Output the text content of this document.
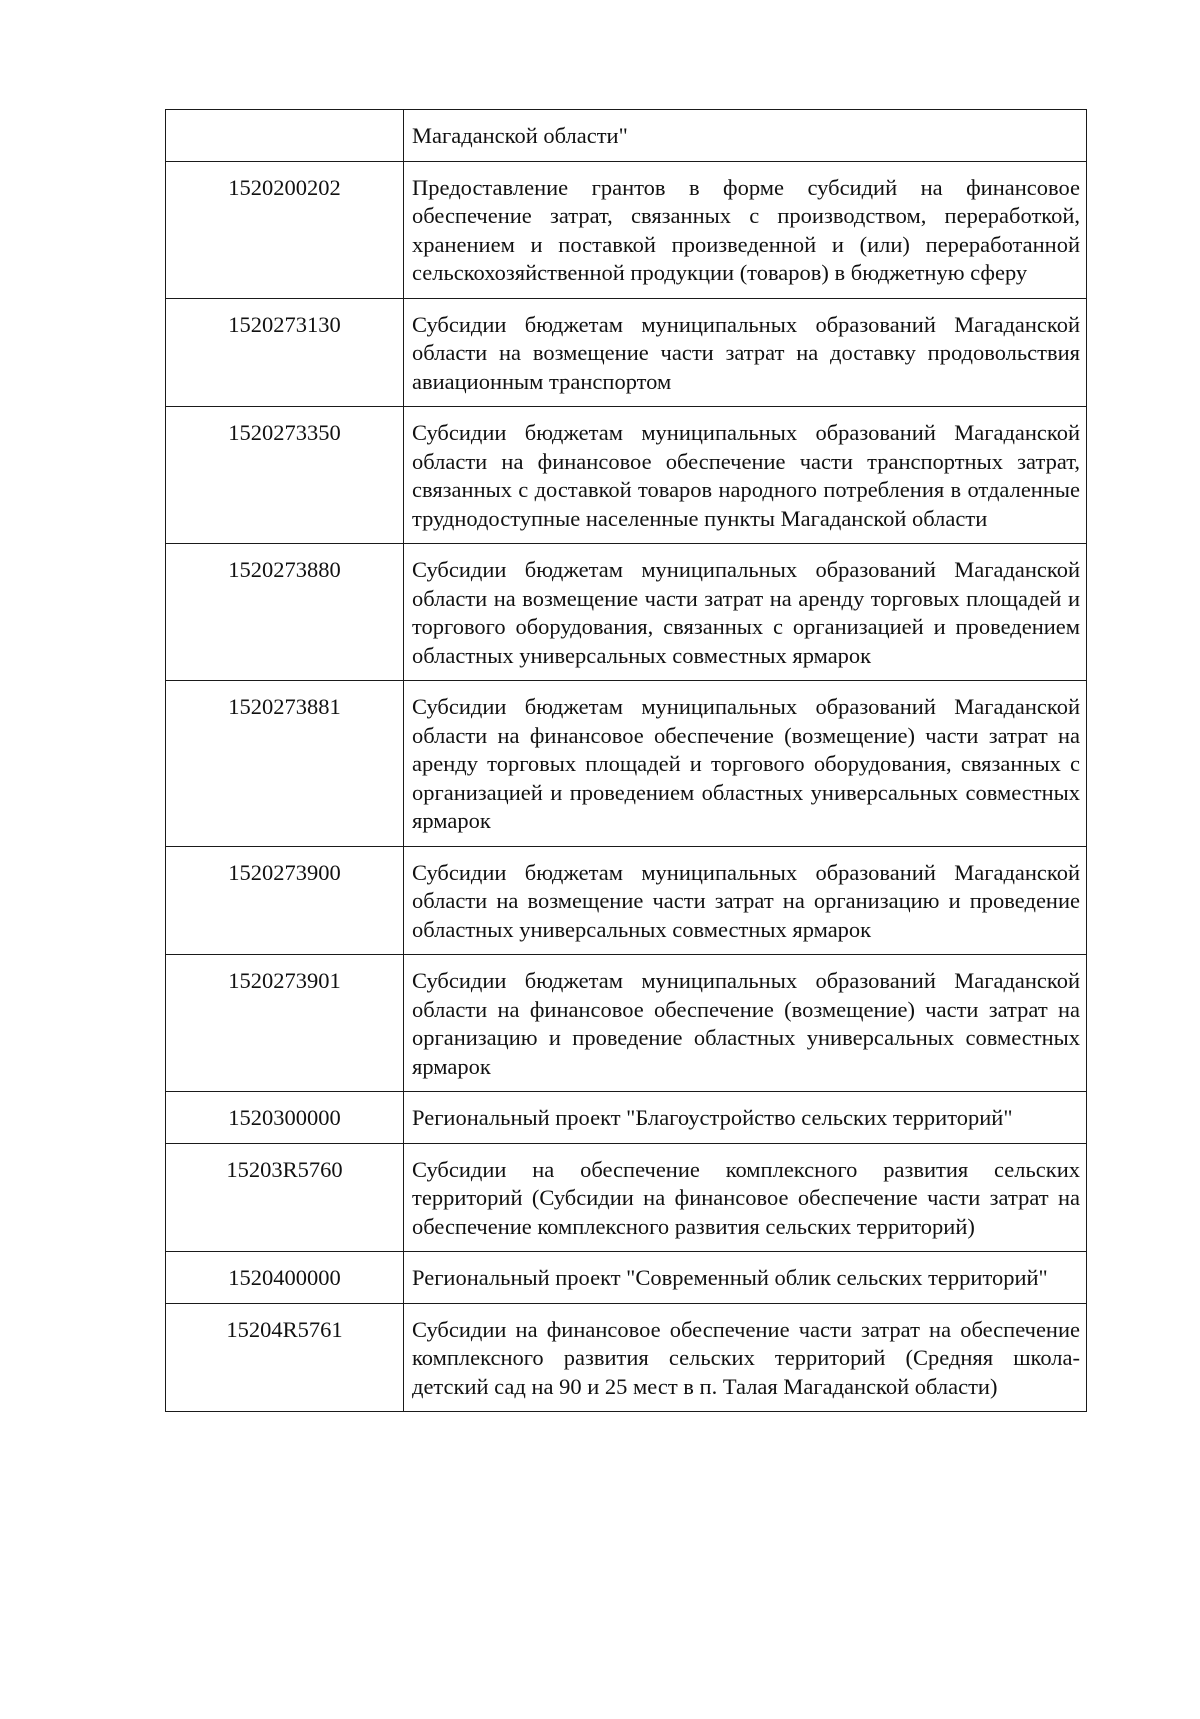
	Магаданской области"

1520200202	Предоставление грантов в форме субсидий на финансовое обеспечение затрат, связанных с производством, переработкой, хранением и поставкой произведенной и (или) переработанной сельскохозяйственной продукции (товаров) в бюджетную сферу

1520273130	Субсидии бюджетам муниципальных образований Магаданской области на возмещение части затрат на доставку продовольствия авиационным транспортом

1520273350	Субсидии бюджетам муниципальных образований Магаданской области на финансовое обеспечение части транспортных затрат, связанных с доставкой товаров народного потребления в отдаленные труднодоступные населенные пункты Магаданской области

1520273880	Субсидии бюджетам муниципальных образований Магаданской области на возмещение части затрат на аренду торговых площадей и торгового оборудования, связанных с организацией и проведением областных универсальных совместных ярмарок

1520273881	Субсидии бюджетам муниципальных образований Магаданской области на финансовое обеспечение (возмещение) части затрат на аренду торговых площадей и торгового оборудования, связанных с организацией и проведением областных универсальных совместных ярмарок

1520273900	Субсидии бюджетам муниципальных образований Магаданской области на возмещение части затрат на организацию и проведение областных универсальных совместных ярмарок

1520273901	Субсидии бюджетам муниципальных образований Магаданской области на финансовое обеспечение (возмещение) части затрат на организацию и проведение областных универсальных совместных ярмарок

1520300000	Региональный проект "Благоустройство сельских территорий"

15203R5760	Субсидии на обеспечение комплексного развития сельских территорий (Субсидии на финансовое обеспечение части затрат на обеспечение комплексного развития сельских территорий)

1520400000	Региональный проект "Современный облик сельских территорий"

15204R5761	Субсидии на финансовое обеспечение части затрат на обеспечение комплексного развития сельских территорий (Средняя школа-детский сад на 90 и 25 мест в п. Талая Магаданской области)
